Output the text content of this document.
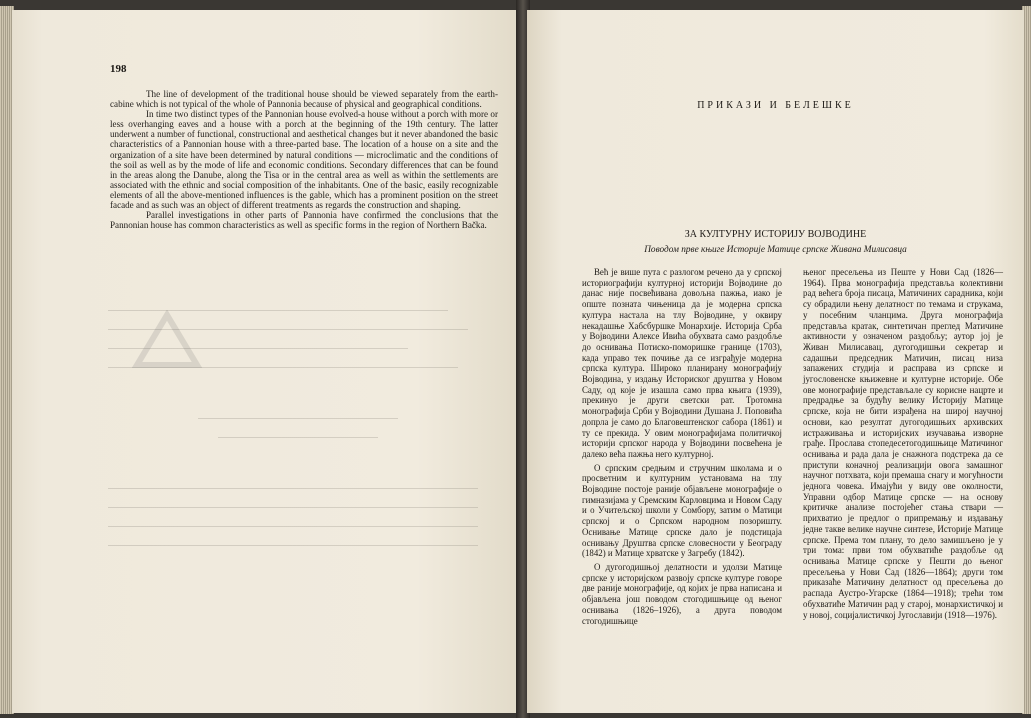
198

The line of development of the traditional house should be viewed separately from the earth-cabine which is not typical of the whole of Pannonia because of physical and geographical conditions.

In time two distinct types of the Pannonian house evolved-a house without a porch with more or less overhanging eaves and a house with a porch at the beginning of the 19th century. The latter underwent a number of functional, constructional and aesthetical changes but it never abandoned the basic characteristics of a Pannonian house with a three-parted base. The location of a house on a site and the organization of a site have been determined by natural conditions — microclimatic and the conditions of the soil as well as by the mode of life and economic conditions. Secondary differences that can be found in the areas along the Danube, along the Tisa or in the central area as well as within the settlements are associated with the ethnic and social composition of the inhabitants. One of the basic, easily recognizable elements of all the above-mentioned influences is the gable, which has a prominent position on the street facade and as such was an object of different treatments as regards the construction and shaping.

Parallel investigations in other parts of Pannonia have confirmed the conclusions that the Pannonian house has common characteristics as well as specific forms in the region of Northern Bačka.

ПРИКАЗИ И БЕЛЕШКЕ
ЗА КУЛТУРНУ ИСТОРИЈУ ВОЈВОДИНЕ
Поводом прве књиге Историје Матице српске Живана Милисавца

Већ је више пута с разлогом речено да у српској историографији културној историји Војводине до данас није посвећивана довољна пажња, иако је опште позната чињеница да је модерна српска култура настала на тлу Војводине, у оквиру некадашње Хабсбуршке Монархије. Историја Срба у Војводини Алексе Ивића обухвата само раздобље до оснивања Потиско-поморишке границе (1703), када управо тек почиње да се изграђује модерна српска култура. Широко планирану монографију Војводина, у издању Историског друштва у Новом Саду, од које је изашла само прва књига (1939), прекинуо је други светски рат. Тротомна монографија Срби у Војводини Душана Ј. Поповића допрла је само до Благовештенског сабора (1861) и ту се прекида. У овим монографијама политичкој историји српског народа у Војводини посвећена је далеко већа пажња него културној.

О српским средњим и стручним школама и о просветним и културним установама на тлу Војводине постоје раније објављене монографије о гимназијама у Сремским Карловцима и Новом Саду и о Учитељској школи у Сомбору, затим о Матици српској и о Српском народном позоришту. Оснивање Матице српске дало је подстицаја оснивању Друштва српске словесности у Београду (1842) и Матице хрватске у Загребу (1842).

О дугогодишњој делатности и удолзи Матице српске у историјском развоју српске културе говоре две раније монографије, од којих је прва написана и објављена још поводом стогодишњице од њеног оснивања (1826–1926), а друга поводом стогодишњице

њеног пресељења из Пеште у Нови Сад (1826—1964). Прва монографија представља колективни рад већега броја писаца, Матичиних сарадника, који су обрадили њену делатност по темама и струкама, у посебним чланцима. Друга монографија представља кратак, синтетичан преглед Матичине активности у означеном раздобљу; аутор јој је Живан Милисавац, дугогодишњи секретар и садашњи председник Матичин, писац низа запажених студија и расправа из српске и југословенске књижевне и културне историје. Обе ове монографије представљале су корисне нацрте и предрадње за будућу велику Историју Матице српске, која не бити израђена на широј научној основи, као резултат дугогодишњих архивских истраживања и историјских изучавања изворне грађе. Прослава стопедесетогодишњице Матичиног оснивања и рада дала је снажнога подстрека да се приступи коначној реализацији овога замашног научног потхвата, који премаша снагу и могућности једнога човека. Имајући у виду ове околности, Управни одбор Матице српске — на основу критичке анализе постојећег стања ствари — прихватио је предлог о припремању и издавању једне такве велике научне синтезе, Историје Матице српске. Према том плану, то дело замишљено је у три тома: први том обухватиће раздобље од оснивања Матице српске у Пешти до њеног пресељења у Нови Сад (1826—1864); други том приказаће Матичину делатност од пресељења до распада Аустро-Угарске (1864—1918); трећи том обухватиће Матичин рад у старој, монархистичкој и у новој, социјалистичкој Југославији (1918—1976).
